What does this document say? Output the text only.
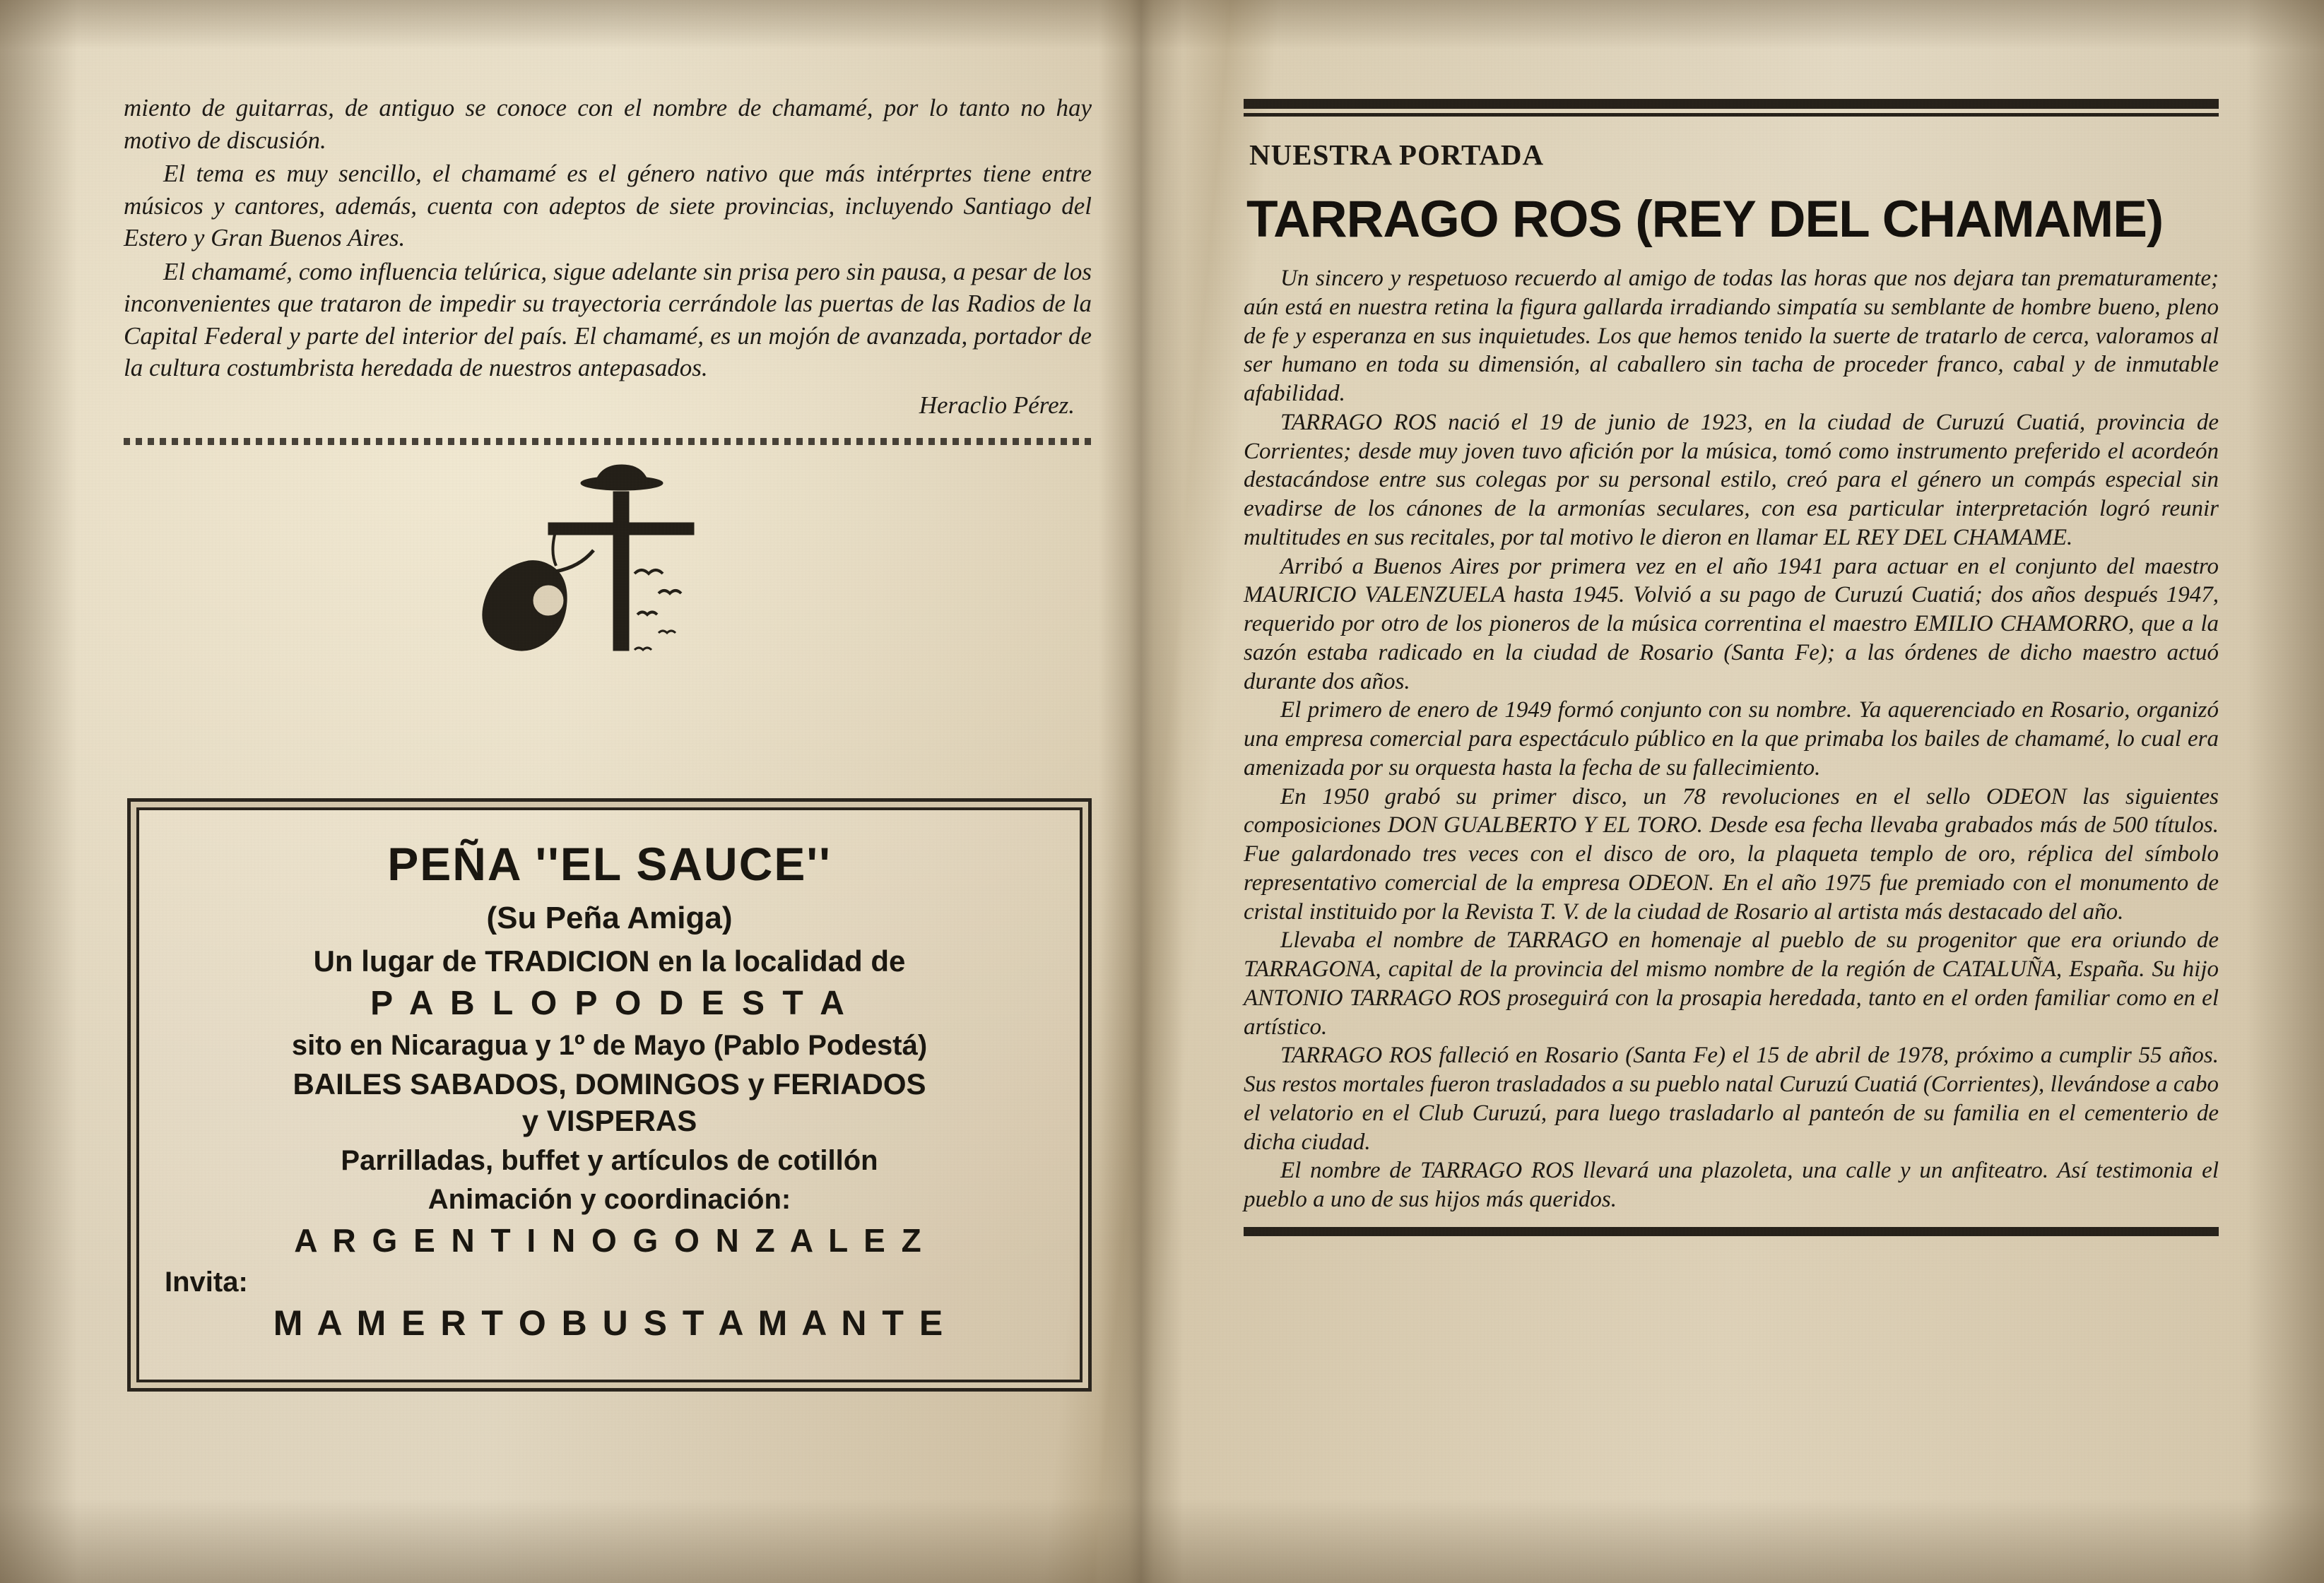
miento de guitarras, de antiguo se conoce con el nombre de chamamé, por lo tanto no hay motivo de discusión.

El tema es muy sencillo, el chamamé es el género nativo que más intérprtes tiene entre músicos y cantores, además, cuenta con adeptos de siete provincias, incluyendo Santiago del Estero y Gran Buenos Aires.

El chamamé, como influencia telúrica, sigue adelante sin prisa pero sin pausa, a pesar de los inconvenientes que trataron de impedir su trayectoria cerrándole las puertas de las Radios de la Capital Federal y parte del interior del país. El chamamé, es un mojón de avanzada, portador de la cultura costumbrista heredada de nuestros antepasados.

Heraclio Pérez.
PEÑA ''EL SAUCE''
(Su Peña Amiga)
Un lugar de TRADICION en la localidad de
P A B L O P O D E S T A
sito en Nicaragua y 1º de Mayo (Pablo Podestá)
BAILES SABADOS, DOMINGOS y FERIADOS
y VISPERAS
Parrilladas, buffet y artículos de cotillón
Animación y coordinación:
A R G E N T I N O G O N Z A L E Z
Invita:
M A M E R T O B U S T A M A N T E
NUESTRA PORTADA
TARRAGO ROS (REY DEL CHAMAME)

Un sincero y respetuoso recuerdo al amigo de todas las horas que nos dejara tan prematuramente; aún está en nuestra retina la figura gallarda irradiando simpatía su semblante de hombre bueno, pleno de fe y esperanza en sus inquietudes. Los que hemos tenido la suerte de tratarlo de cerca, valoramos al ser humano en toda su dimensión, al caballero sin tacha de proceder franco, cabal y de inmutable afabilidad.

TARRAGO ROS nació el 19 de junio de 1923, en la ciudad de Curuzú Cuatiá, provincia de Corrientes; desde muy joven tuvo afición por la música, tomó como instrumento preferido el acordeón destacándose entre sus colegas por su personal estilo, creó para el género un compás especial sin evadirse de los cánones de la armonías seculares, con esa particular interpretación logró reunir multitudes en sus recitales, por tal motivo le dieron en llamar EL REY DEL CHAMAME.

Arribó a Buenos Aires por primera vez en el año 1941 para actuar en el conjunto del maestro MAURICIO VALENZUELA hasta 1945. Volvió a su pago de Curuzú Cuatiá; dos años después 1947, requerido por otro de los pioneros de la música correntina el maestro EMILIO CHAMORRO, que a la sazón estaba radicado en la ciudad de Rosario (Santa Fe); a las órdenes de dicho maestro actuó durante dos años.

El primero de enero de 1949 formó conjunto con su nombre. Ya aquerenciado en Rosario, organizó una empresa comercial para espectáculo público en la que primaba los bailes de chamamé, lo cual era amenizada por su orquesta hasta la fecha de su fallecimiento.

En 1950 grabó su primer disco, un 78 revoluciones en el sello ODEON las siguientes composiciones DON GUALBERTO Y EL TORO. Desde esa fecha llevaba grabados más de 500 títulos. Fue galardonado tres veces con el disco de oro, la plaqueta templo de oro, réplica del símbolo representativo comercial de la empresa ODEON. En el año 1975 fue premiado con el monumento de cristal instituido por la Revista T. V. de la ciudad de Rosario al artista más destacado del año.

Llevaba el nombre de TARRAGO en homenaje al pueblo de su progenitor que era oriundo de TARRAGONA, capital de la provincia del mismo nombre de la región de CATALUÑA, España. Su hijo ANTONIO TARRAGO ROS proseguirá con la prosapia heredada, tanto en el orden familiar como en el artístico.

TARRAGO ROS falleció en Rosario (Santa Fe) el 15 de abril de 1978, próximo a cumplir 55 años. Sus restos mortales fueron trasladados a su pueblo natal Curuzú Cuatiá (Corrientes), llevándose a cabo el velatorio en el Club Curuzú, para luego trasladarlo al panteón de su familia en el cementerio de dicha ciudad.

El nombre de TARRAGO ROS llevará una plazoleta, una calle y un anfiteatro. Así testimonia el pueblo a uno de sus hijos más queridos.
